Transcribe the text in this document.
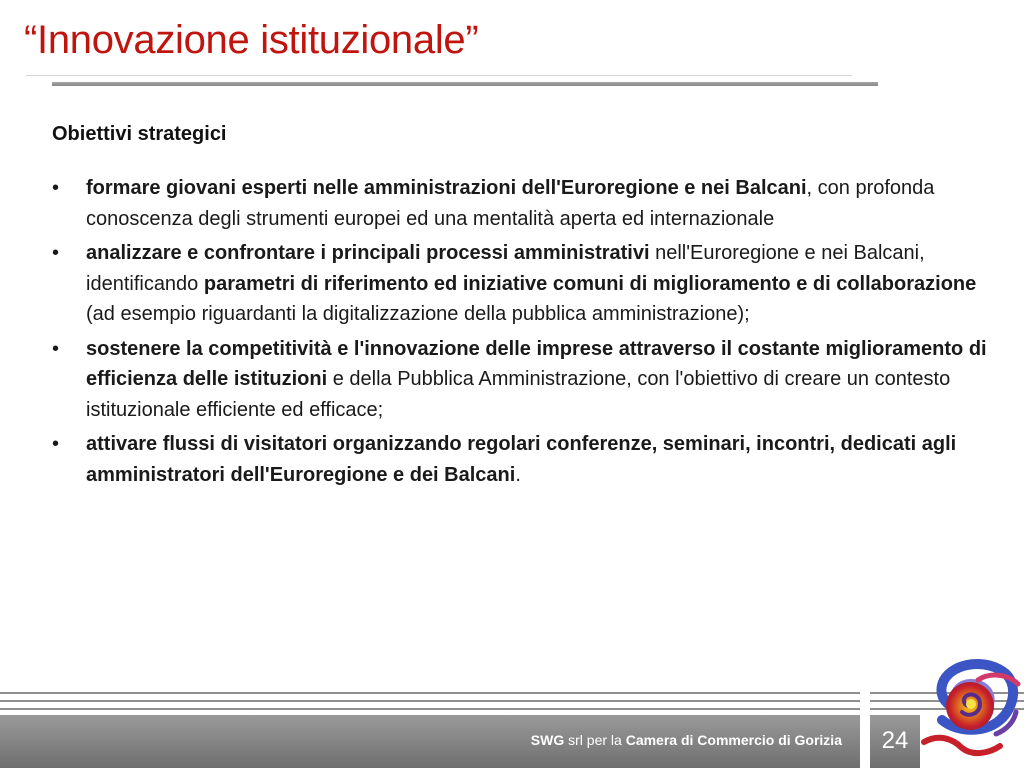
“Innovazione istituzionale”
Obiettivi strategici
• formare giovani esperti nelle amministrazioni dell'Euroregione e nei Balcani, con profonda conoscenza degli strumenti europei ed una mentalità aperta ed internazionale
• analizzare e confrontare i principali processi amministrativi nell'Euroregione e nei Balcani, identificando parametri di riferimento ed iniziative comuni di miglioramento e di collaborazione (ad esempio riguardanti la digitalizzazione della pubblica amministrazione);
• sostenere la competitività e l'innovazione delle imprese attraverso il costante miglioramento di efficienza delle istituzioni e della Pubblica Amministrazione, con l'obiettivo di creare un contesto istituzionale efficiente ed efficace;
• attivare flussi di visitatori organizzando regolari conferenze, seminari, incontri, dedicati agli amministratori dell'Euroregione e dei Balcani.
SWG srl per la Camera di Commercio di Gorizia	24
